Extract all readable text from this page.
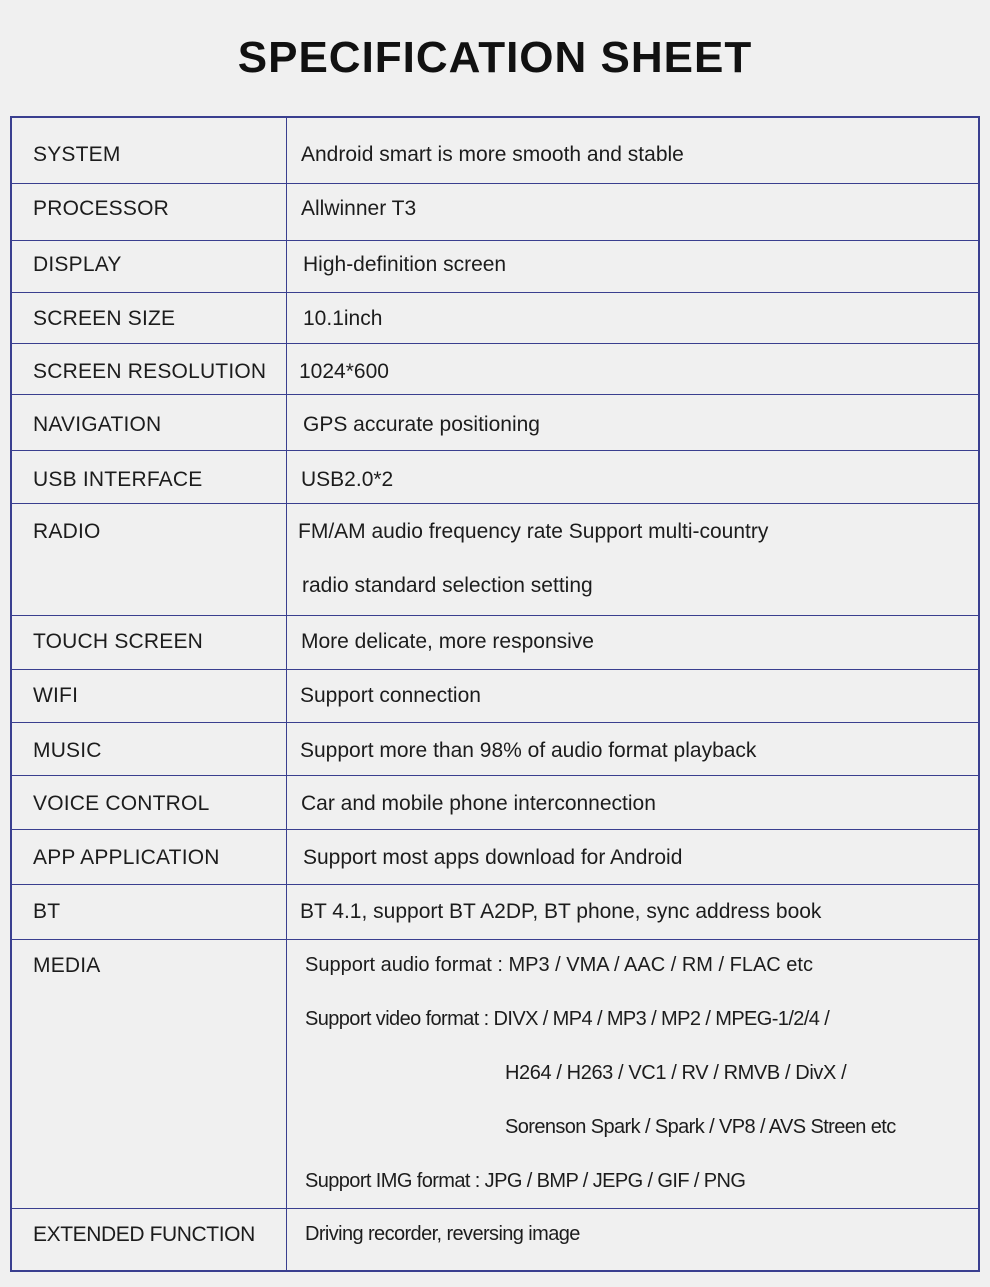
SPECIFICATION SHEET
SYSTEM	Android smart is more smooth and stable
PROCESSOR	Allwinner T3
DISPLAY	High-definition screen
SCREEN SIZE	10.1inch
SCREEN RESOLUTION 1024*600
NAVIGATION	GPS accurate positioning
USB INTERFACE	USB2.0*2
RADIO	FM/AM audio frequency rate Support multi-country
radio standard selection setting
TOUCH SCREEN	More delicate, more responsive
WIFI	Support connection
MUSIC	Support more than 98% of audio format playback
VOICE CONTROL	Car and mobile phone interconnection
APP APPLICATION	Support most apps download for Android
BT	BT 4.1, support BT A2DP, BT phone, sync address book
MEDIA	Support audio format : MP3 / VMA / AAC / RM / FLAC etc
Support video format : DIVX / MP4 / MP3 / MP2 / MPEG-1/2/4 /
H264 / H263 / VC1 / RV / RMVB / DivX /
Sorenson Spark / Spark / VP8 / AVS Streen etc
Support IMG format : JPG / BMP / JEPG / GIF / PNG
EXTENDED FUNCTION	Driving recorder, reversing image
